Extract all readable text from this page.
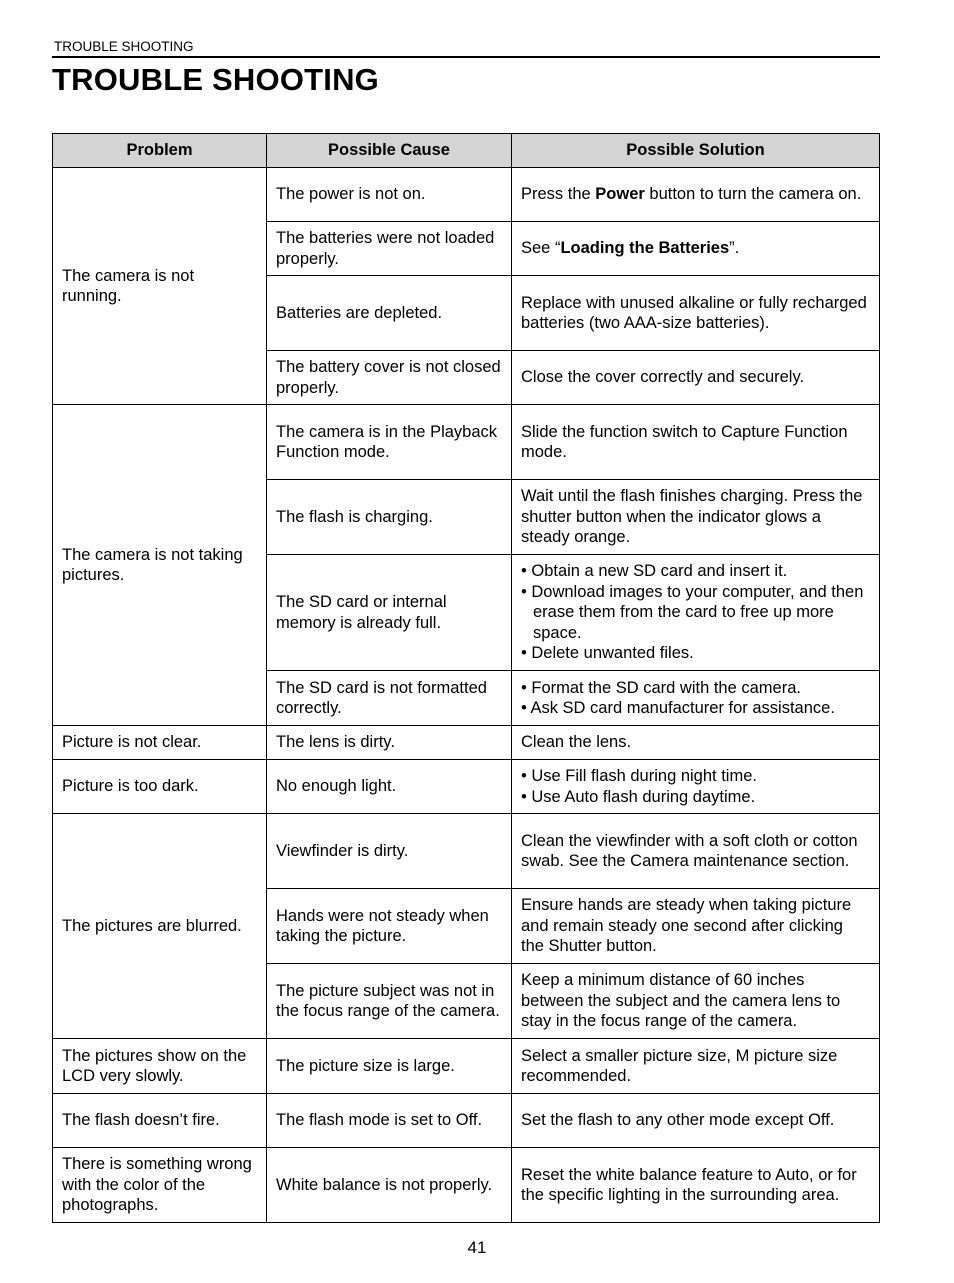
TROUBLE SHOOTING
TROUBLE SHOOTING
Problem	Possible Cause	Possible Solution
The camera is not running.	The power is not on.	Press the Power button to turn the camera on.
	The batteries were not loaded properly.	See “Loading the Batteries”.
	Batteries are depleted.	Replace with unused alkaline or fully recharged batteries (two AAA-size batteries).
	The battery cover is not closed properly.	Close the cover correctly and securely.
The camera is not taking pictures.	The camera is in the Playback Function mode.	Slide the function switch to Capture Function mode.
	The flash is charging.	Wait until the flash finishes charging. Press the shutter button when the indicator glows a steady orange.
	The SD card or internal memory is already full.	• Obtain a new SD card and insert it.
• Download images to your computer, and then erase them from the card to free up more space.
• Delete unwanted files.

	The SD card is not formatted correctly.	• Format the SD card with the camera.
• Ask SD card manufacturer for assistance.

Picture is not clear.	The lens is dirty.	Clean the lens.
Picture is too dark.	No enough light.	• Use Fill flash during night time.
• Use Auto flash during daytime.

The pictures are blurred.	Viewfinder is dirty.	Clean the viewfinder with a soft cloth or cotton swab. See the Camera maintenance section.
	Hands were not steady when taking the picture.	Ensure hands are steady when taking picture and remain steady one second after clicking the Shutter button.
	The picture subject was not in the focus range of the camera.	Keep a minimum distance of 60 inches between the subject and the camera lens to stay in the focus range of the camera.
The pictures show on the LCD very slowly.	The picture size is large.	Select a smaller picture size, M picture size recommended.
The flash doesn’t fire.	The flash mode is set to Off.	Set the flash to any other mode except Off.
There is something wrong with the color of the photographs.	White balance is not properly.	Reset the white balance feature to Auto, or for the specific lighting in the surrounding area.
41
